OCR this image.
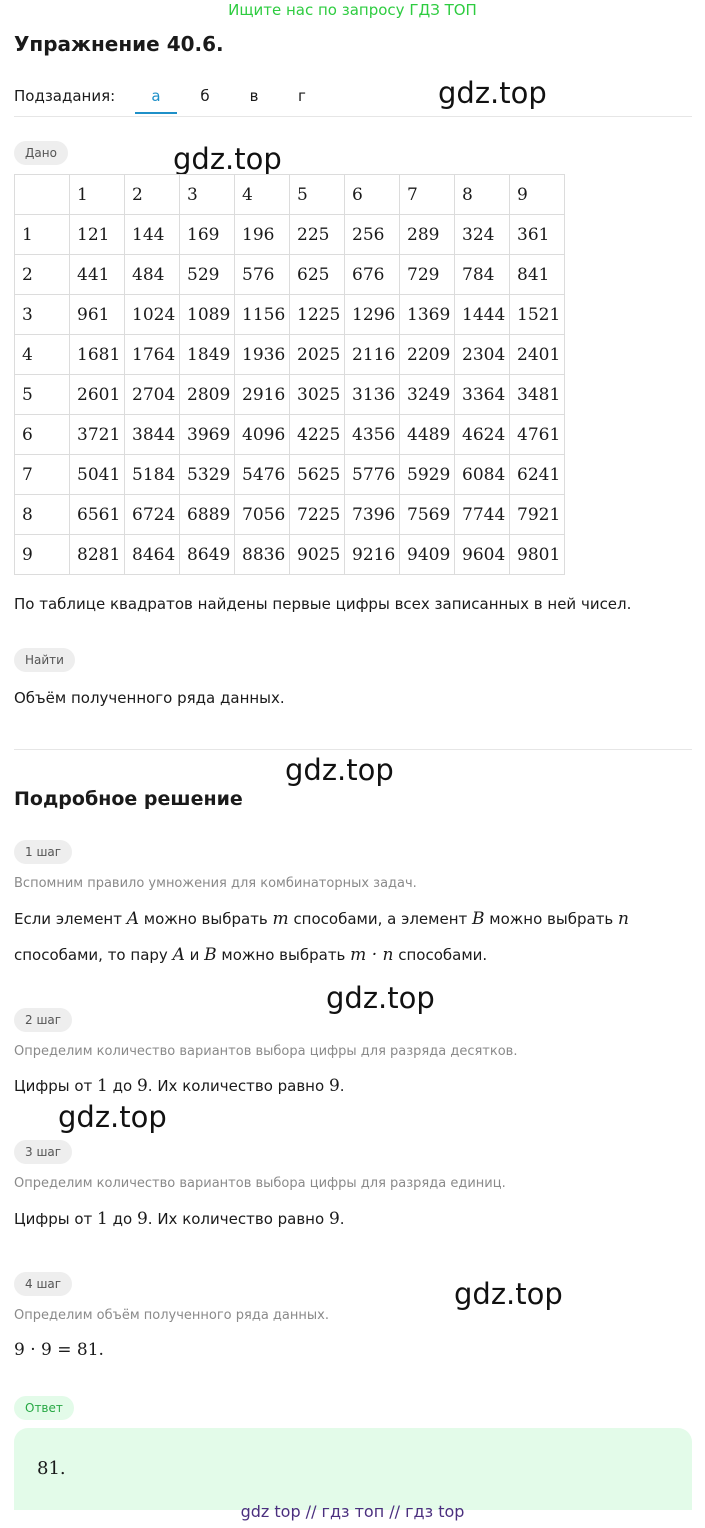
Ищите нас по запросу ГДЗ ТОП
Упражнение 40.6.
Подзадания:	а	б	в	г	gdz.top
Дано	gdz.top
	1	2	3	4	5	6	7	8	9
1	121	144	169	196	225	256	289	324	361
2	441	484	529	576	625	676	729	784	841
3	961	1024	1089	1156	1225	1296	1369	1444	1521
4	1681	1764	1849	1936	2025	2116	2209	2304	2401
5	2601	2704	2809	2916	3025	3136	3249	3364	3481
6	3721	3844	3969	4096	4225	4356	4489	4624	4761
7	5041	5184	5329	5476	5625	5776	5929	6084	6241
8	6561	6724	6889	7056	7225	7396	7569	7744	7921
9	8281	8464	8649	8836	9025	9216	9409	9604	9801
По таблице квадратов найдены первые цифры всех записанных в ней чисел.
Найти
Объём полученного ряда данных.
gdz.top
Подробное решение
1 шаг
Вспомним правило умножения для комбинаторных задач.
Если элемент A можно выбрать m способами, а элемент B можно выбрать n
способами, то пару A и B можно выбрать m · n способами.
gdz.top
2 шаг
Определим количество вариантов выбора цифры для разряда десятков.
Цифры от 1 до 9. Их количество равно 9.
gdz.top
3 шаг
Определим количество вариантов выбора цифры для разряда единиц.
Цифры от 1 до 9. Их количество равно 9.
4 шаг	gdz.top
Определим объём полученного ряда данных.
9 · 9 = 81.
Ответ
81.
gdz top // гдз топ // гдз top
